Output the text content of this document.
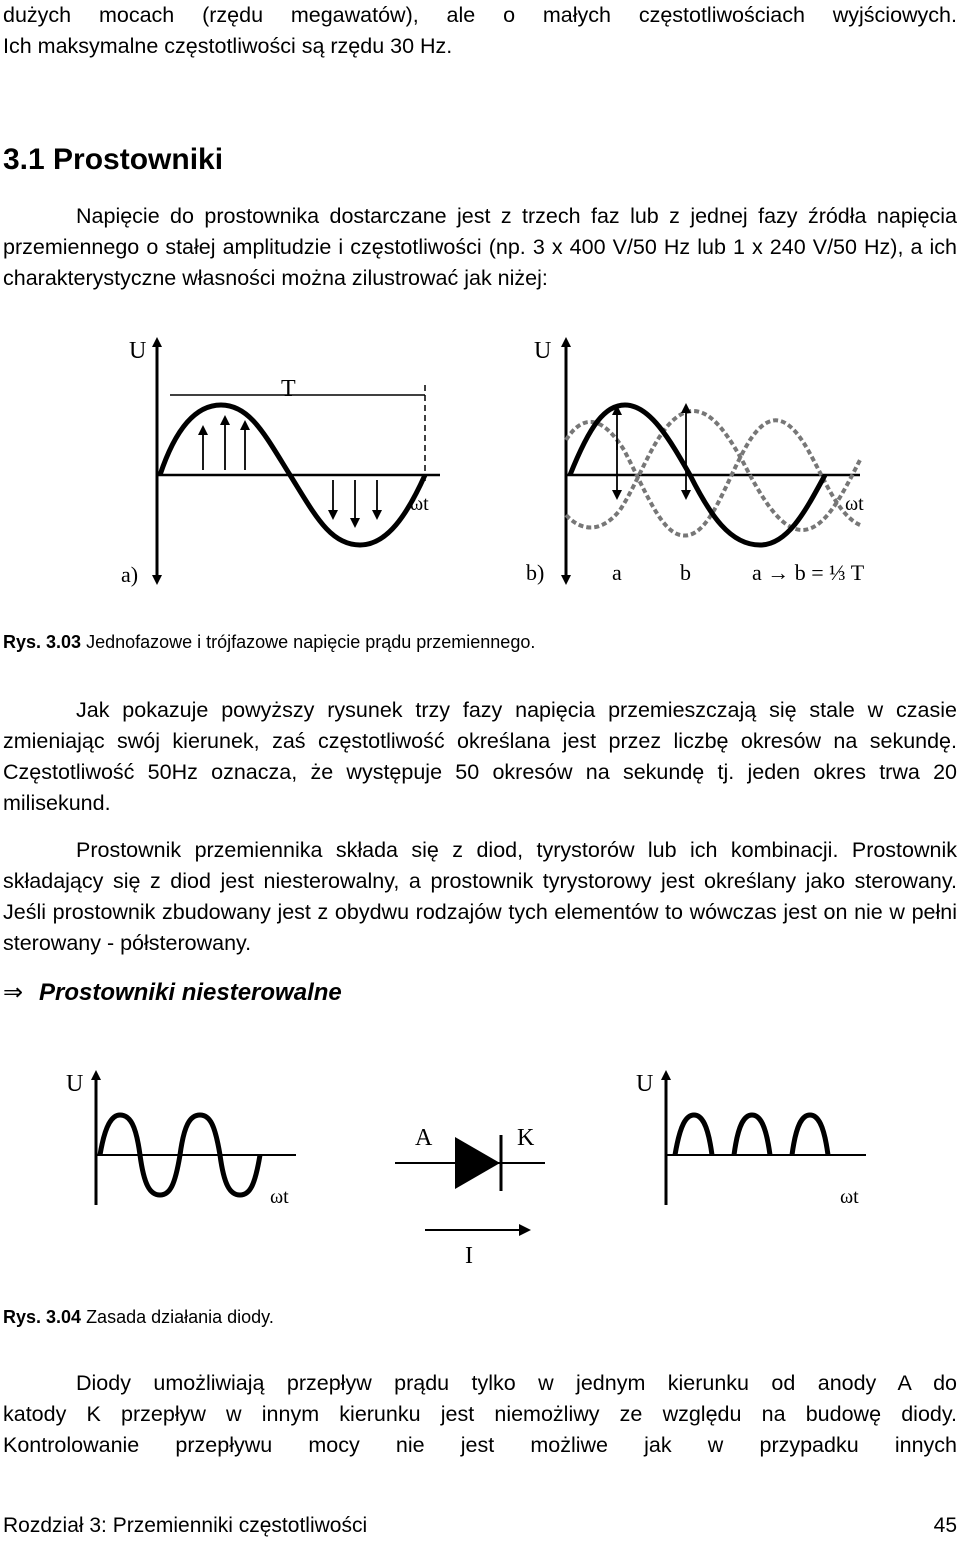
dużych mocach (rzędu megawatów), ale o małych częstotliwościach wyjściowych.

Ich maksymalne częstotliwości są rzędu 30 Hz.

3.1 Prostowniki

Napięcie do prostownika dostarczane jest z trzech faz lub z jednej fazy źródła napięcia przemiennego o stałej amplitudzie i częstotliwości (np. 3 x 400 V/50 Hz lub 1 x 240 V/50 Hz), a ich charakterystyczne własności można zilustrować jak niżej:

U
T
ωt
a)
U
ωt
b)	a	b	a → b = ⅓ T

Rys. 3.03 Jednofazowe i trójfazowe napięcie prądu przemiennego.

Jak pokazuje powyższy rysunek trzy fazy napięcia przemieszczają się stale w czasie zmieniając swój kierunek, zaś częstotliwość określana jest przez liczbę okresów na sekundę. Częstotliwość 50Hz oznacza, że występuje 50 okresów na sekundę tj. jeden okres trwa 20 milisekund.

Prostownik przemiennika składa się z diod, tyrystorów lub ich kombinacji. Prostownik składający się z diod jest niesterowalny, a prostownik tyrystorowy jest określany jako sterowany. Jeśli prostownik zbudowany jest z obydwu rodzajów tych elementów to wówczas jest on nie w pełni sterowany - półsterowany.

⇒ Prostowniki niesterowalne

U
ωt
A	K
I
U
ωt

Rys. 3.04 Zasada działania diody.

Diody umożliwiają przepływ prądu tylko w jednym kierunku od anody A do

katody K przepływ w innym kierunku jest niemożliwy ze względu na budowę diody.

Kontrolowanie przepływu mocy nie jest możliwe jak w przypadku innych

Rozdział 3: Przemienniki częstotliwości	45
